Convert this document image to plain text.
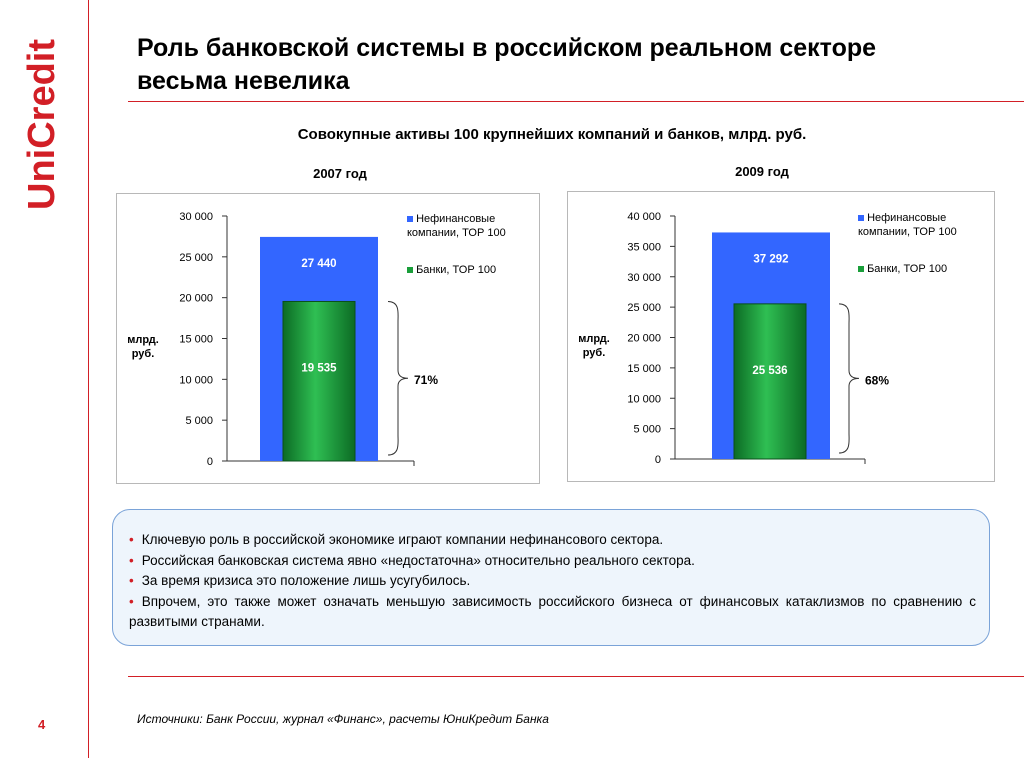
UniCredit	Роль банковской системы в российском реальном секторе
весьма невелика
Совокупные активы 100 крупнейших компаний и банков, млрд. руб.
2007 год
30 000
25 000
20 000
15 000
10 000
5 000
0
27 440
19 535
71%
млрд. руб.
Нефинансовые компании, ТОР 100
Банки, ТОР 100
2009 год
40 000
35 000
30 000
25 000
20 000
15 000
10 000
5 000
0
37 292
25 536
68%
млрд. руб.
Нефинансовые компании, ТОР 100
Банки, ТОР 100
• Ключевую роль в российской экономике играют компании нефинансового сектора.
• Российская банковская система явно «недостаточна» относительно реального сектора.
• За время кризиса это положение лишь усугубилось.
• Впрочем, это также может означать меньшую зависимость российского бизнеса от финансовых катаклизмов по сравнению с развитыми странами.
4	Источники: Банк России, журнал «Финанс», расчеты ЮниКредит Банка
